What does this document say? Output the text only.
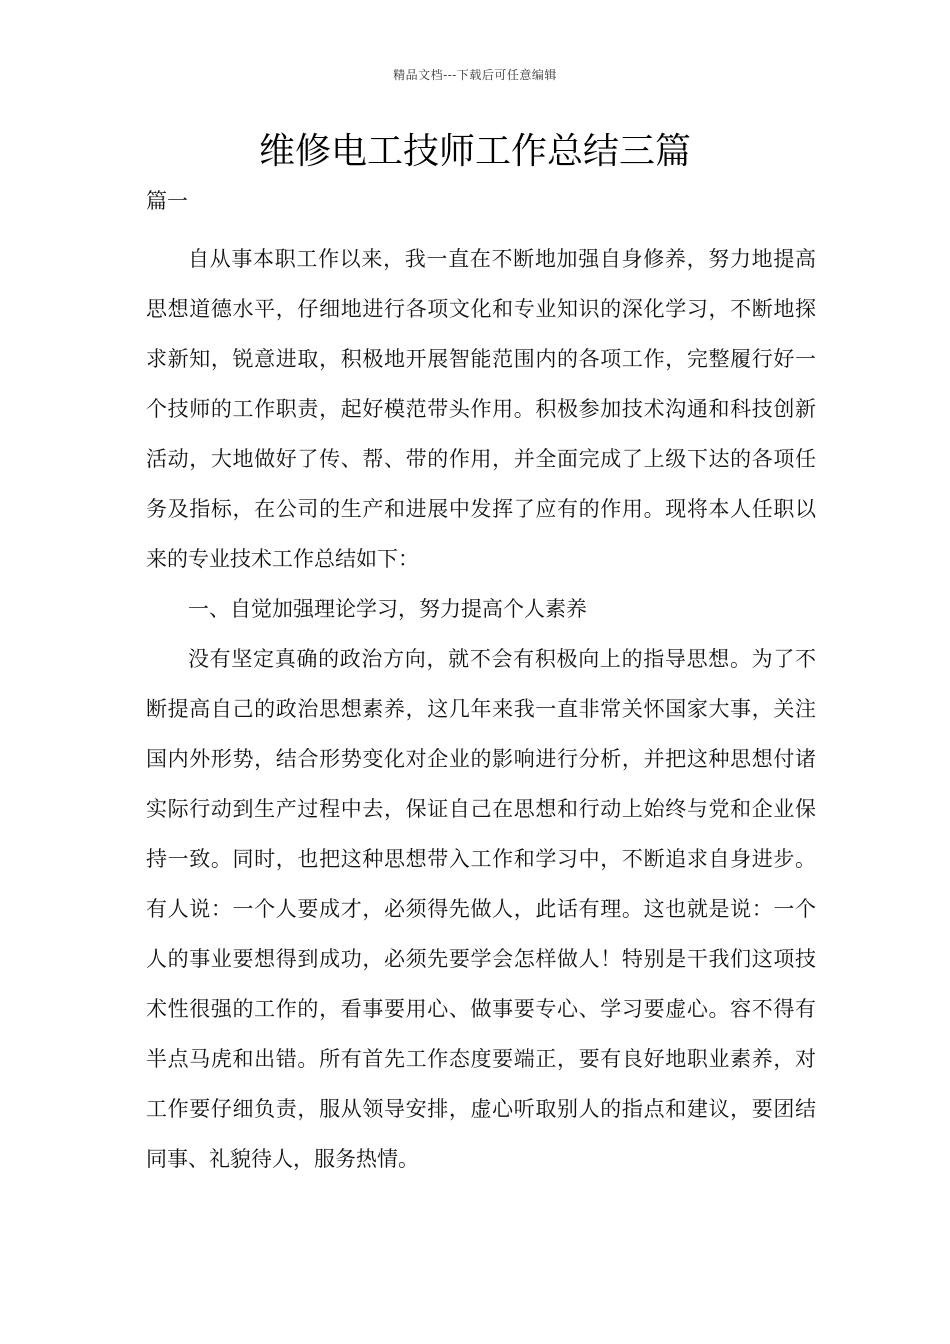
精品文档---下载后可任意编辑
维修电工技师工作总结三篇
篇一

自从事本职工作以来，我一直在不断地加强自身修养，努力地提高思想道德水平，仔细地进行各项文化和专业知识的深化学习，不断地探求新知，锐意进取，积极地开展智能范围内的各项工作，完整履行好一个技师的工作职责，起好模范带头作用。积极参加技术沟通和科技创新活动，大地做好了传、帮、带的作用，并全面完成了上级下达的各项任务及指标，在公司的生产和进展中发挥了应有的作用。现将本人任职以来的专业技术工作总结如下：

一、自觉加强理论学习，努力提高个人素养

没有坚定真确的政治方向，就不会有积极向上的指导思想。为了不断提高自己的政治思想素养，这几年来我一直非常关怀国家大事，关注国内外形势，结合形势变化对企业的影响进行分析，并把这种思想付诸实际行动到生产过程中去，保证自己在思想和行动上始终与党和企业保持一致。同时，也把这种思想带入工作和学习中，不断追求自身进步。有人说：一个人要成才，必须得先做人，此话有理。这也就是说：一个人的事业要想得到成功，必须先要学会怎样做人！特别是干我们这项技术性很强的工作的，看事要用心、做事要专心、学习要虚心。容不得有半点马虎和出错。所有首先工作态度要端正，要有良好地职业素养，对工作要仔细负责，服从领导安排，虚心听取别人的指点和建议，要团结同事、礼貌待人，服务热情。
